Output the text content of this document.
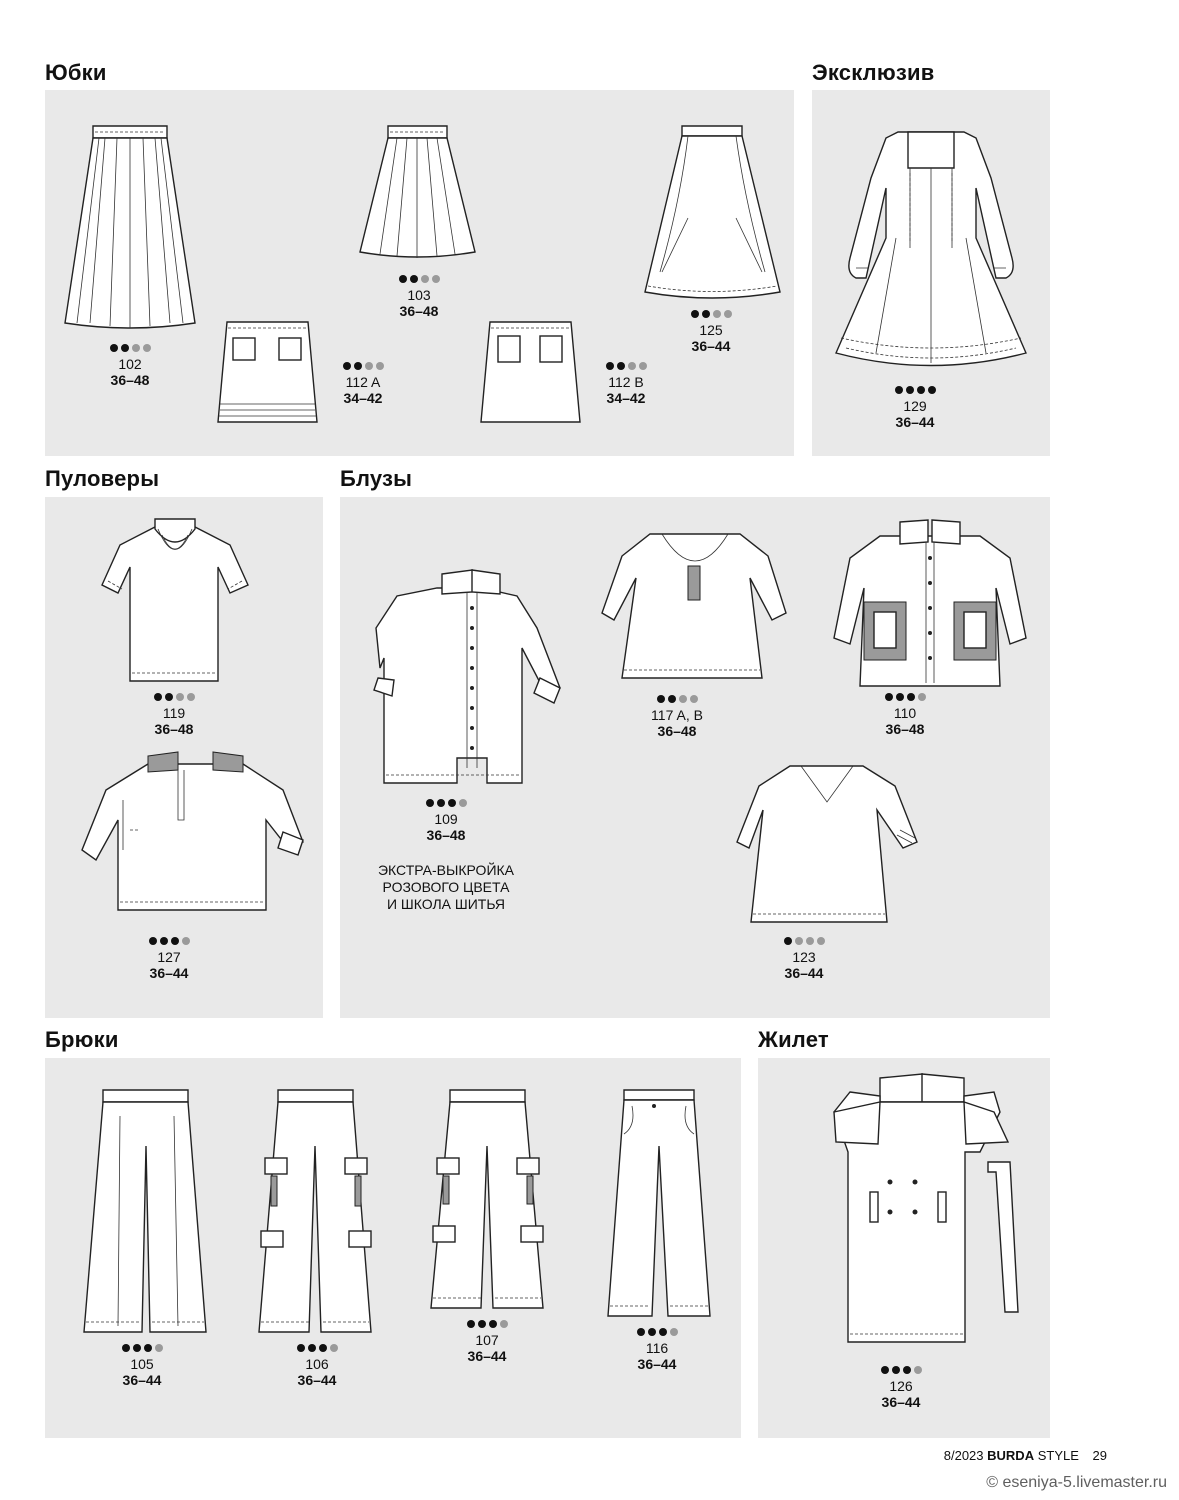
Юбки	Эксклюзив
Пуловеры	Блузы
Брюки	Жилет
102
36–48
103
36–48
125
36–44
112 A
34–42
112 B
34–42	129
36–44
119
36–48
127
36–44
109
36–48
ЭКСТРА-ВЫКРОЙКА
РОЗОВОГО ЦВЕТА
И ШКОЛА ШИТЬЯ
117 A, B
36–48
110
36–48
123
36–44
105
36–44
106
36–44
107
36–44	116
36–44
126
36–44
8/2023 BURDA STYLE 29
© eseniya-5.livemaster.ru
